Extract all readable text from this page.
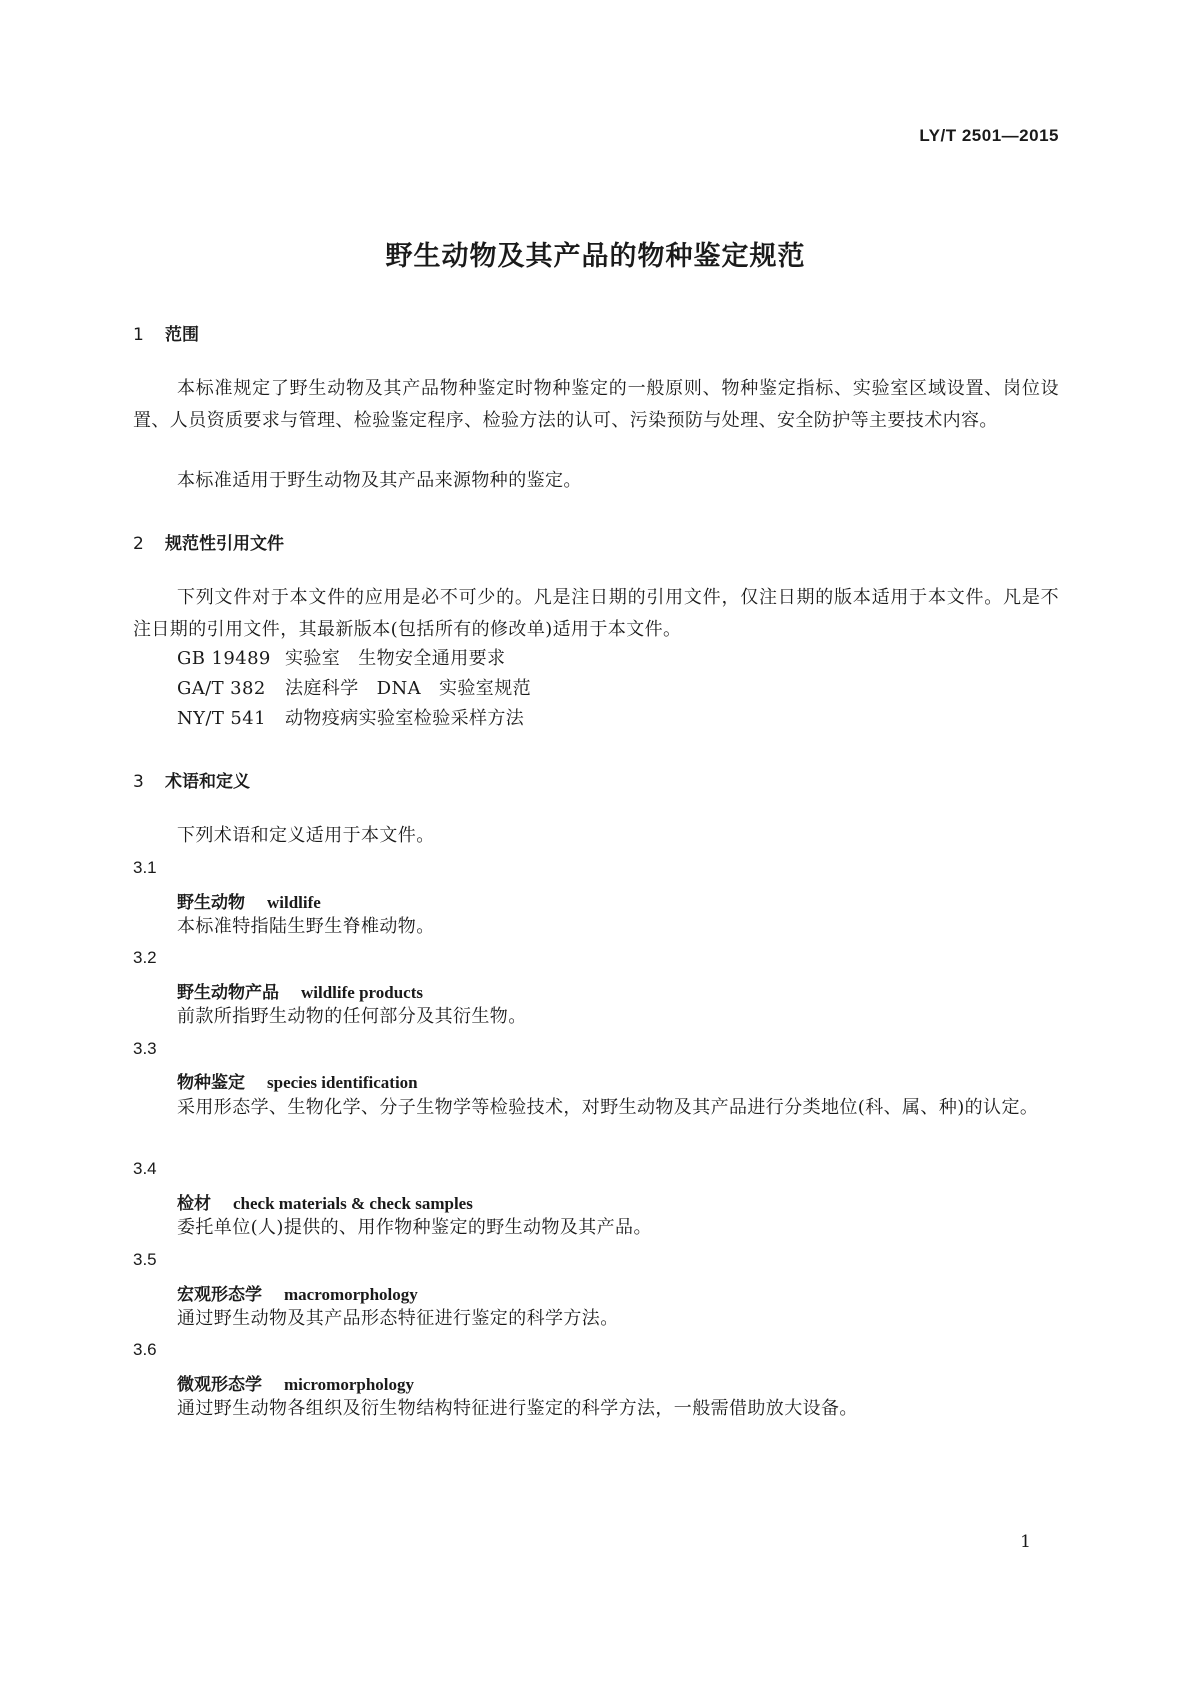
LY/T 2501—2015
野生动物及其产品的物种鉴定规范
1 范围
本标准规定了野生动物及其产品物种鉴定时物种鉴定的一般原则、物种鉴定指标、实验室区域设置、岗位设置、人员资质要求与管理、检验鉴定程序、检验方法的认可、污染预防与处理、安全防护等主要技术内容。
本标准适用于野生动物及其产品来源物种的鉴定。
2 规范性引用文件
下列文件对于本文件的应用是必不可少的。凡是注日期的引用文件，仅注日期的版本适用于本文件。凡是不注日期的引用文件，其最新版本(包括所有的修改单)适用于本文件。
GB 19489 实验室 生物安全通用要求
GA/T 382 法庭科学 DNA 实验室规范
NY/T 541 动物疫病实验室检验采样方法
3 术语和定义
下列术语和定义适用于本文件。
3.1
野生动物 wildlife
本标准特指陆生野生脊椎动物。
3.2
野生动物产品 wildlife products
前款所指野生动物的任何部分及其衍生物。
3.3
物种鉴定 species identification
采用形态学、生物化学、分子生物学等检验技术，对野生动物及其产品进行分类地位(科、属、种)的认定。
3.4
检材 check materials & check samples
委托单位(人)提供的、用作物种鉴定的野生动物及其产品。
3.5
宏观形态学 macromorphology
通过野生动物及其产品形态特征进行鉴定的科学方法。
3.6
微观形态学 micromorphology
通过野生动物各组织及衍生物结构特征进行鉴定的科学方法，一般需借助放大设备。
1
